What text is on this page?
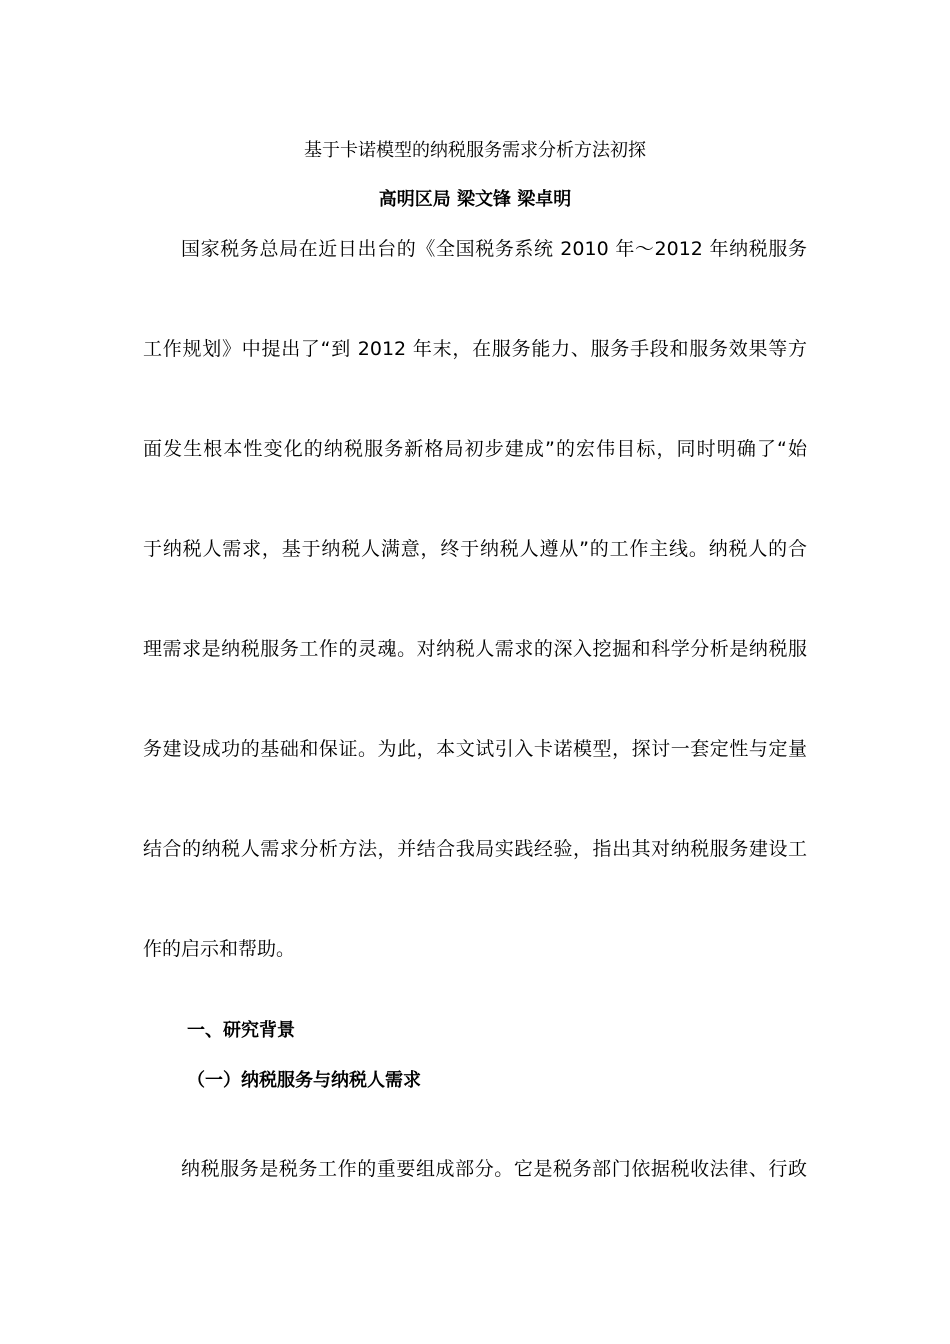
基于卡诺模型的纳税服务需求分析方法初探
高明区局 梁文锋 梁卓明
国家税务总局在近日出台的《全国税务系统 2010 年～2012 年纳税服务
工作规划》中提出了“到 2012 年末，在服务能力、服务手段和服务效果等方
面发生根本性变化的纳税服务新格局初步建成”的宏伟目标，同时明确了“始
于纳税人需求，基于纳税人满意，终于纳税人遵从”的工作主线。纳税人的合
理需求是纳税服务工作的灵魂。对纳税人需求的深入挖掘和科学分析是纳税服
务建设成功的基础和保证。为此，本文试引入卡诺模型，探讨一套定性与定量
结合的纳税人需求分析方法，并结合我局实践经验，指出其对纳税服务建设工
作的启示和帮助。
一、研究背景
（一）纳税服务与纳税人需求
纳税服务是税务工作的重要组成部分。它是税务部门依据税收法律、行政
